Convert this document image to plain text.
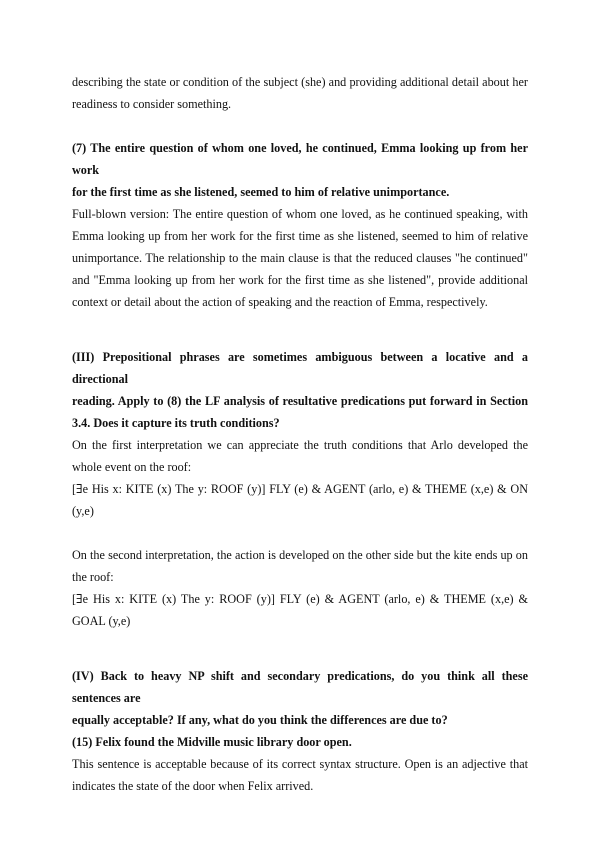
describing the state or condition of the subject (she) and providing additional detail about her readiness to consider something.

(7) The entire question of whom one loved, he continued, Emma looking up from her work

for the first time as she listened, seemed to him of relative unimportance.

Full-blown version: The entire question of whom one loved, as he continued speaking, with Emma looking up from her work for the first time as she listened, seemed to him of relative unimportance. The relationship to the main clause is that the reduced clauses "he continued" and "Emma looking up from her work for the first time as she listened", provide additional context or detail about the action of speaking and the reaction of Emma, respectively.

(III) Prepositional phrases are sometimes ambiguous between a locative and a directional

reading. Apply to (8) the LF analysis of resultative predications put forward in Section 3.4. Does it capture its truth conditions?

On the first interpretation we can appreciate the truth conditions that Arlo developed the whole event on the roof:

[∃e His x: KITE (x) The y: ROOF (y)] FLY (e) & AGENT (arlo, e) & THEME (x,e) & ON (y,e)

On the second interpretation, the action is developed on the other side but the kite ends up on the roof:

[∃e His x: KITE (x) The y: ROOF (y)] FLY (e) & AGENT (arlo, e) & THEME (x,e) & GOAL (y,e)

(IV) Back to heavy NP shift and secondary predications, do you think all these sentences are

equally acceptable? If any, what do you think the differences are due to?

(15) Felix found the Midville music library door open.

This sentence is acceptable because of its correct syntax structure. Open is an adjective that indicates the state of the door when Felix arrived.
